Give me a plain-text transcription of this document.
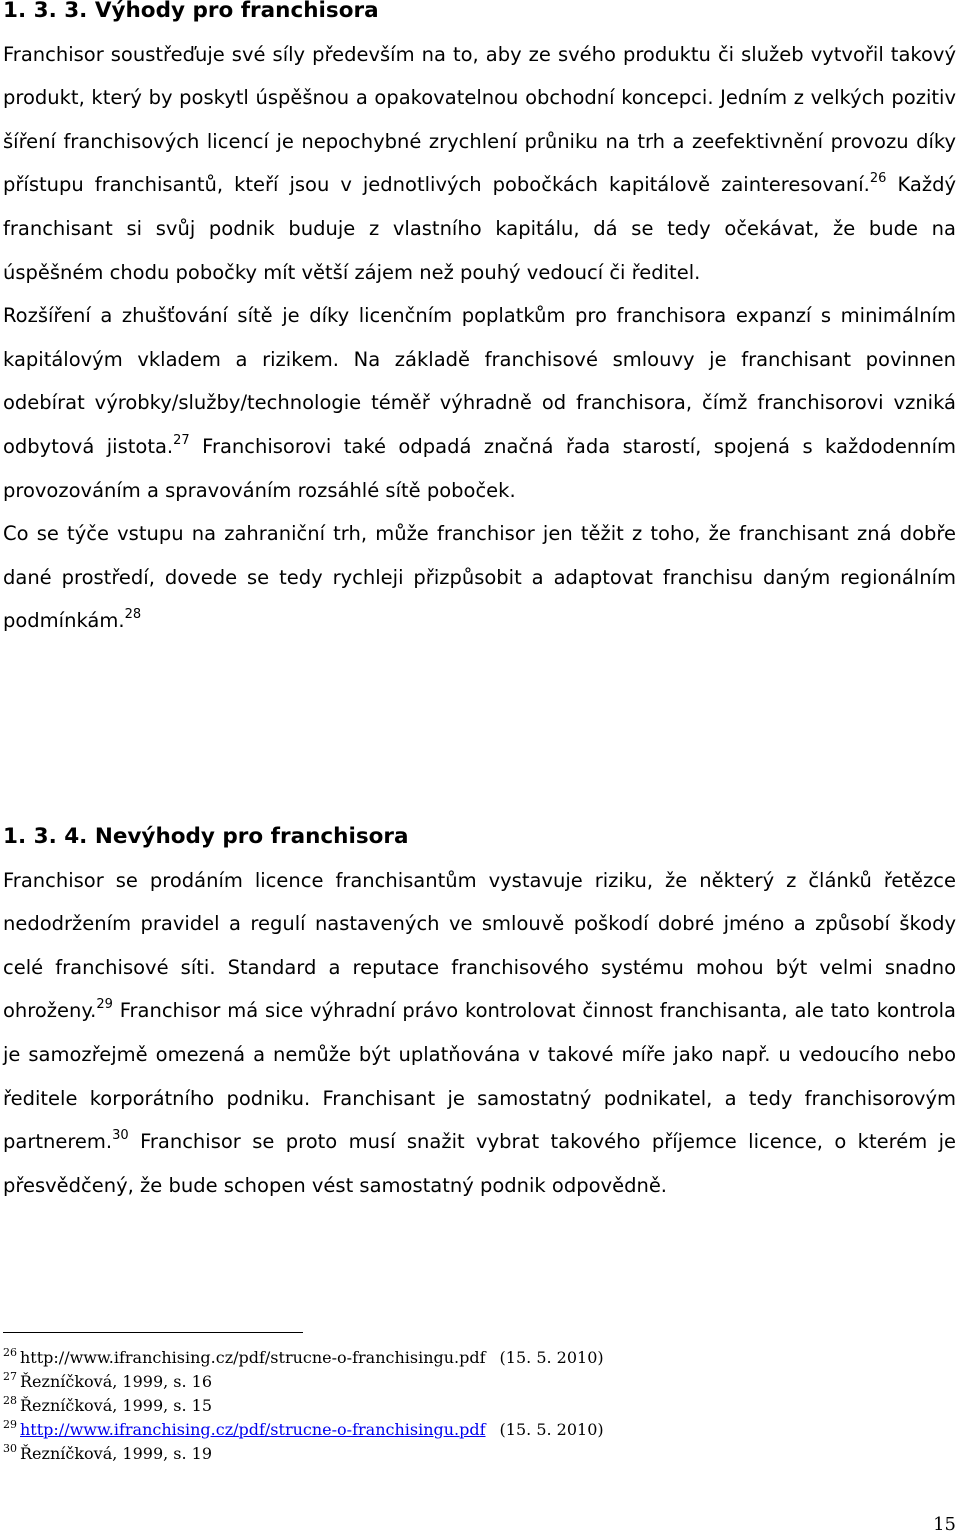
1. 3. 3. Výhody pro franchisora

Franchisor soustřeďuje své síly především na to, aby ze svého produktu či služeb vytvořil takový produkt, který by poskytl úspěšnou a opakovatelnou obchodní koncepci. Jedním z velkých pozitiv šíření franchisových licencí je nepochybné zrychlení průniku na trh a zeefektivnění provozu díky přístupu franchisantů, kteří jsou v jednotlivých pobočkách kapitálově zainteresovaní.$^{26}$ Každý franchisant si svůj podnik buduje z vlastního kapitálu, dá se tedy očekávat, že bude na úspěšném chodu pobočky mít větší zájem než pouhý vedoucí či ředitel.

Rozšíření a zhušťování sítě je díky licenčním poplatkům pro franchisora expanzí s minimálním kapitálovým vkladem a rizikem. Na základě franchisové smlouvy je franchisant povinnen odebírat výrobky/služby/technologie téměř výhradně od franchisora, čímž franchisorovi vzniká odbytová jistota.$^{27}$ Franchisorovi také odpadá značná řada starostí, spojená s každodenním provozováním a spravováním rozsáhlé sítě poboček.

Co se týče vstupu na zahraniční trh, může franchisor jen těžit z toho, že franchisant zná dobře dané prostředí, dovede se tedy rychleji přizpůsobit a adaptovat franchisu daným regionálním podmínkám.$^{28}$

1. 3. 4. Nevýhody pro franchisora

Franchisor se prodáním licence franchisantům vystavuje riziku, že některý z článků řetězce nedodržením pravidel a regulí nastavených ve smlouvě poškodí dobré jméno a způsobí škody celé franchisové síti. Standard a reputace franchisového systému mohou být velmi snadno ohroženy.$^{29}$ Franchisor má sice výhradní právo kontrolovat činnost franchisanta, ale tato kontrola je samozřejmě omezená a nemůže být uplatňována v takové míře jako např. u vedoucího nebo ředitele korporátního podniku. Franchisant je samostatný podnikatel, a tedy franchisorovým partnerem.$^{30}$ Franchisor se proto musí snažit vybrat takového příjemce licence, o kterém je přesvědčený, že bude schopen vést samostatný podnik odpovědně.

$^{26}$ http://www.ifranchising.cz/pdf/strucne-o-franchisingu.pdf (15. 5. 2010)
$^{27}$ Řezníčková, 1999, s. 16
$^{28}$ Řezníčková, 1999, s. 15
$^{29}$ http://www.ifranchising.cz/pdf/strucne-o-franchisingu.pdf (15. 5. 2010)
$^{30}$ Řezníčková, 1999, s. 19
15
